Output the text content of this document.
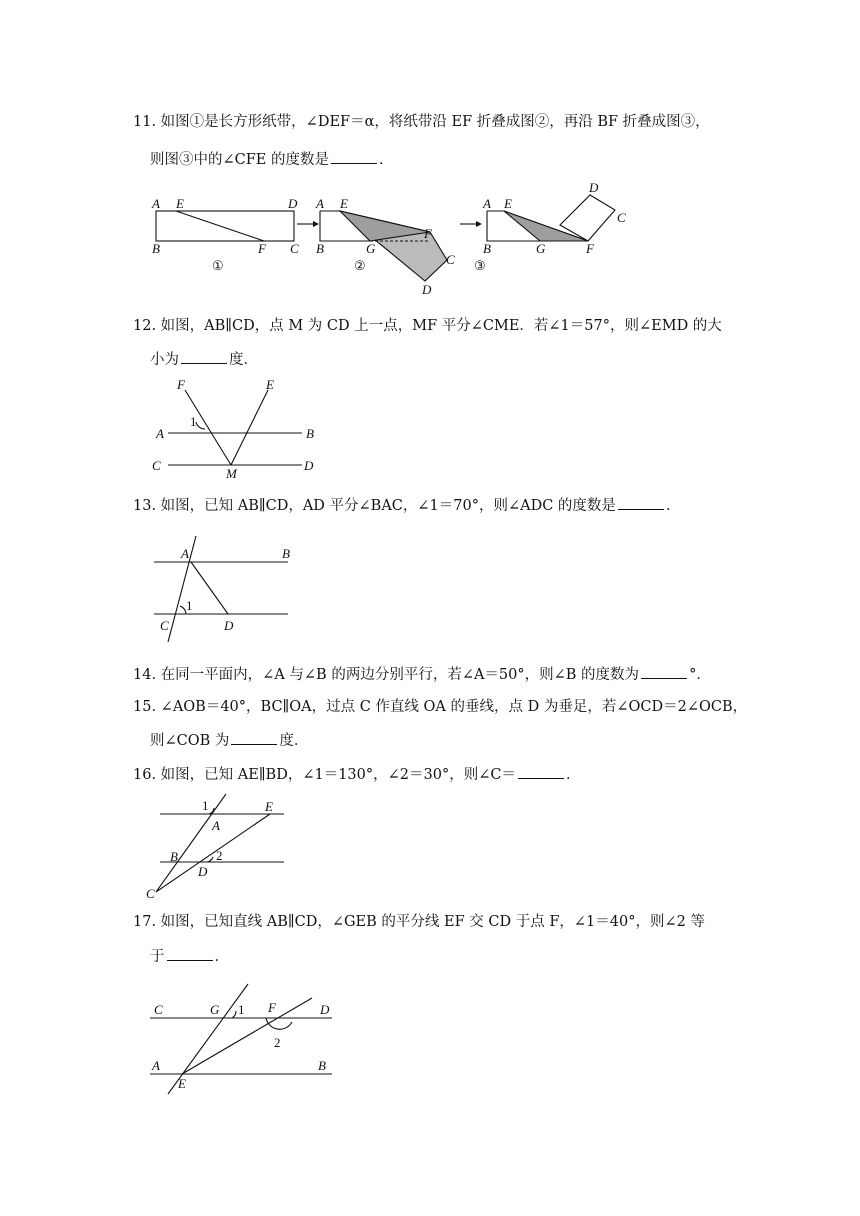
11. 如图①是长方形纸带，∠DEF＝α，将纸带沿 EF 折叠成图②，再沿 BF 折叠成图③，
则图③中的∠CFE 的度数是	．
A E	D
B	F C
①
A E
B	G
F
C
D
②
A E
B	G	F
D
C
③
12. 如图，AB∥CD，点 M 为 CD 上一点，MF 平分∠CME．若∠1＝57°，则∠EMD 的大
小为	度．
F	E
A	B
C	D
M
1
13. 如图，已知 AB∥CD，AD 平分∠BAC，∠1＝70°，则∠ADC 的度数是	．
A	B
C	D
1
14. 在同一平面内，∠A 与∠B 的两边分别平行，若∠A＝50°，则∠B 的度数为	°．
15. ∠AOB＝40°，BC∥OA，过点 C 作直线 OA 的垂线，点 D 为垂足，若∠OCD＝2∠OCB，
则∠COB 为	度．
16. 如图，已知 AE∥BD，∠1＝130°，∠2＝30°，则∠C＝	．
1	E
A
B	2
D
C
17. 如图，已知直线 AB∥CD，∠GEB 的平分线 EF 交 CD 于点 F，∠1＝40°，则∠2 等
于	．
C	G 1 F	D
2
A	B
E
